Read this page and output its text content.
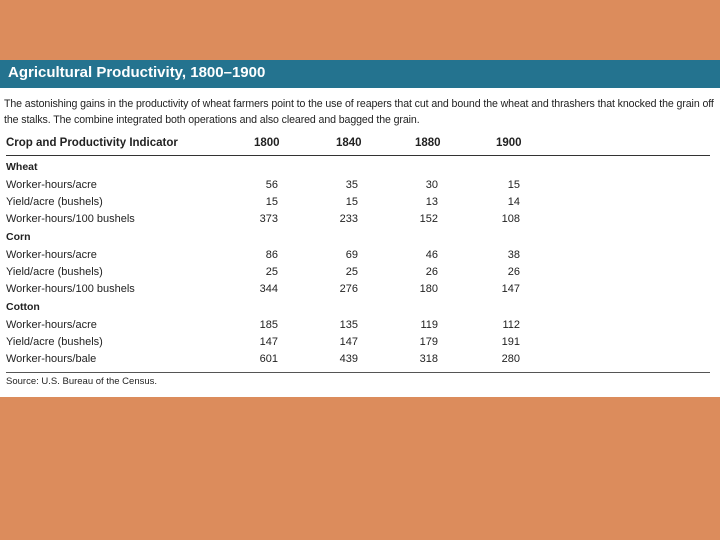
Agricultural Productivity, 1800–1900
The astonishing gains in the productivity of wheat farmers point to the use of reapers that cut and bound the wheat and thrashers that knocked the grain off the stalks. The combine integrated both operations and also cleared and bagged the grain.
Crop and Productivity Indicator	1800	1840	1880	1900
Wheat
Worker-hours/acre	56	35	30	15
Yield/acre (bushels)	15	15	13	14
Worker-hours/100 bushels	373	233	152	108
Corn
Worker-hours/acre	86	69	46	38
Yield/acre (bushels)	25	25	26	26
Worker-hours/100 bushels	344	276	180	147
Cotton
Worker-hours/acre	185	135	119	112
Yield/acre (bushels)	147	147	179	191
Worker-hours/bale	601	439	318	280
Source: U.S. Bureau of the Census.
